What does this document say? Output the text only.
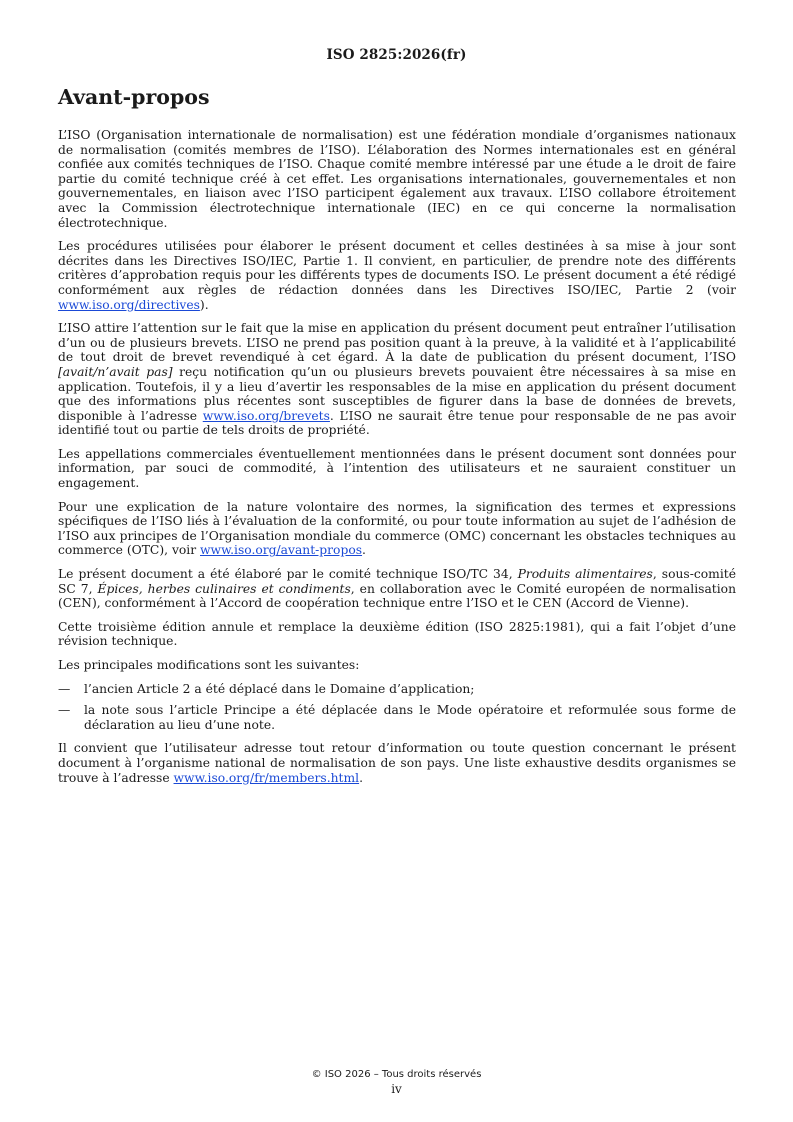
ISO 2825:2026(fr)
Avant-propos

L’ISO (Organisation internationale de normalisation) est une fédération mondiale d’organismes nationaux de normalisation (comités membres de l’ISO). L’élaboration des Normes internationales est en général confiée aux comités techniques de l’ISO. Chaque comité membre intéressé par une étude a le droit de faire partie du comité technique créé à cet effet. Les organisations internationales, gouvernementales et non gouvernementales, en liaison avec l’ISO participent également aux travaux. L’ISO collabore étroitement avec la Commission électrotechnique internationale (IEC) en ce qui concerne la normalisation électrotechnique.

Les procédures utilisées pour élaborer le présent document et celles destinées à sa mise à jour sont décrites dans les Directives ISO/IEC, Partie 1. Il convient, en particulier, de prendre note des différents critères d’approbation requis pour les différents types de documents ISO. Le présent document a été rédigé conformément aux règles de rédaction données dans les Directives ISO/IEC, Partie 2 (voir www.iso.org/directives).

L’ISO attire l’attention sur le fait que la mise en application du présent document peut entraîner l’utilisation d’un ou de plusieurs brevets. L’ISO ne prend pas position quant à la preuve, à la validité et à l’applicabilité de tout droit de brevet revendiqué à cet égard. À la date de publication du présent document, l’ISO [avait/n’avait pas] reçu notification qu’un ou plusieurs brevets pouvaient être nécessaires à sa mise en application. Toutefois, il y a lieu d’avertir les responsables de la mise en application du présent document que des informations plus récentes sont susceptibles de figurer dans la base de données de brevets, disponible à l’adresse www.iso.org/brevets. L’ISO ne saurait être tenue pour responsable de ne pas avoir identifié tout ou partie de tels droits de propriété.

Les appellations commerciales éventuellement mentionnées dans le présent document sont données pour information, par souci de commodité, à l’intention des utilisateurs et ne sauraient constituer un engagement.

Pour une explication de la nature volontaire des normes, la signification des termes et expressions spécifiques de l’ISO liés à l’évaluation de la conformité, ou pour toute information au sujet de l’adhésion de l’ISO aux principes de l’Organisation mondiale du commerce (OMC) concernant les obstacles techniques au commerce (OTC), voir www.iso.org/avant-propos.

Le présent document a été élaboré par le comité technique ISO/TC 34, Produits alimentaires, sous-comité SC 7, Épices, herbes culinaires et condiments, en collaboration avec le Comité européen de normalisation (CEN), conformément à l’Accord de coopération technique entre l’ISO et le CEN (Accord de Vienne).

Cette troisième édition annule et remplace la deuxième édition (ISO 2825:1981), qui a fait l’objet d’une révision technique.

Les principales modifications sont les suivantes:

— l’ancien Article 2 a été déplacé dans le Domaine d’application;
— la note sous l’article Principe a été déplacée dans le Mode opératoire et reformulée sous forme de déclaration au lieu d’une note.

Il convient que l’utilisateur adresse tout retour d’information ou toute question concernant le présent document à l’organisme national de normalisation de son pays. Une liste exhaustive desdits organismes se trouve à l’adresse www.iso.org/fr/members.html.

© ISO 2026 – Tous droits réservés
iv
